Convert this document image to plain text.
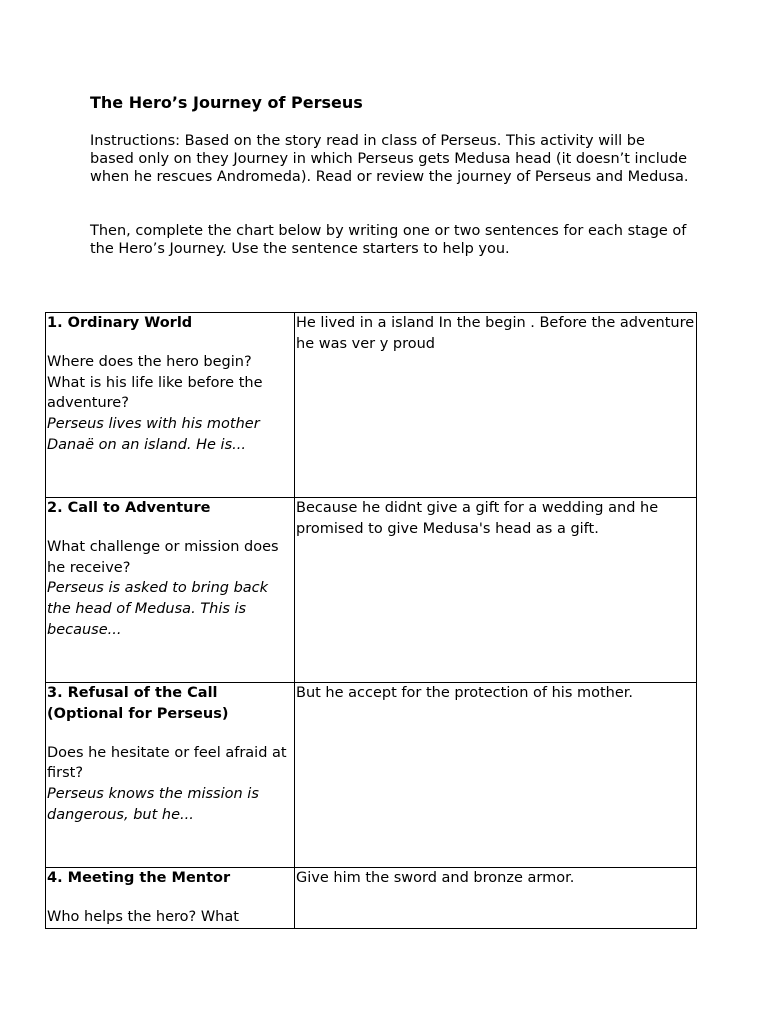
The Hero’s Journey of Perseus

Instructions: Based on the story read in class of Perseus. This activity will be based only on they Journey in which Perseus gets Medusa head (it doesn’t include when he rescues Andromeda). Read or review the journey of Perseus and Medusa.

Then, complete the chart below by writing one or two sentences for each stage of the Hero’s Journey. Use the sentence starters to help you.

1. Ordinary World
Where does the hero begin? What is his life like before the adventure?
Perseus lives with his mother Danaë on an island. He is...	He lived in a island In the begin . Before the adventure he was ver y proud

2. Call to Adventure
What challenge or mission does he receive?
Perseus is asked to bring back the head of Medusa. This is because...	Because he didnt give a gift for a wedding and he promised to give Medusa's head as a gift.

3. Refusal of the Call (Optional for Perseus)
Does he hesitate or feel afraid at first?
Perseus knows the mission is dangerous, but he...	But he accept for the protection of his mother.

4. Meeting the Mentor
Who helps the hero? What	Give him the sword and bronze armor.
